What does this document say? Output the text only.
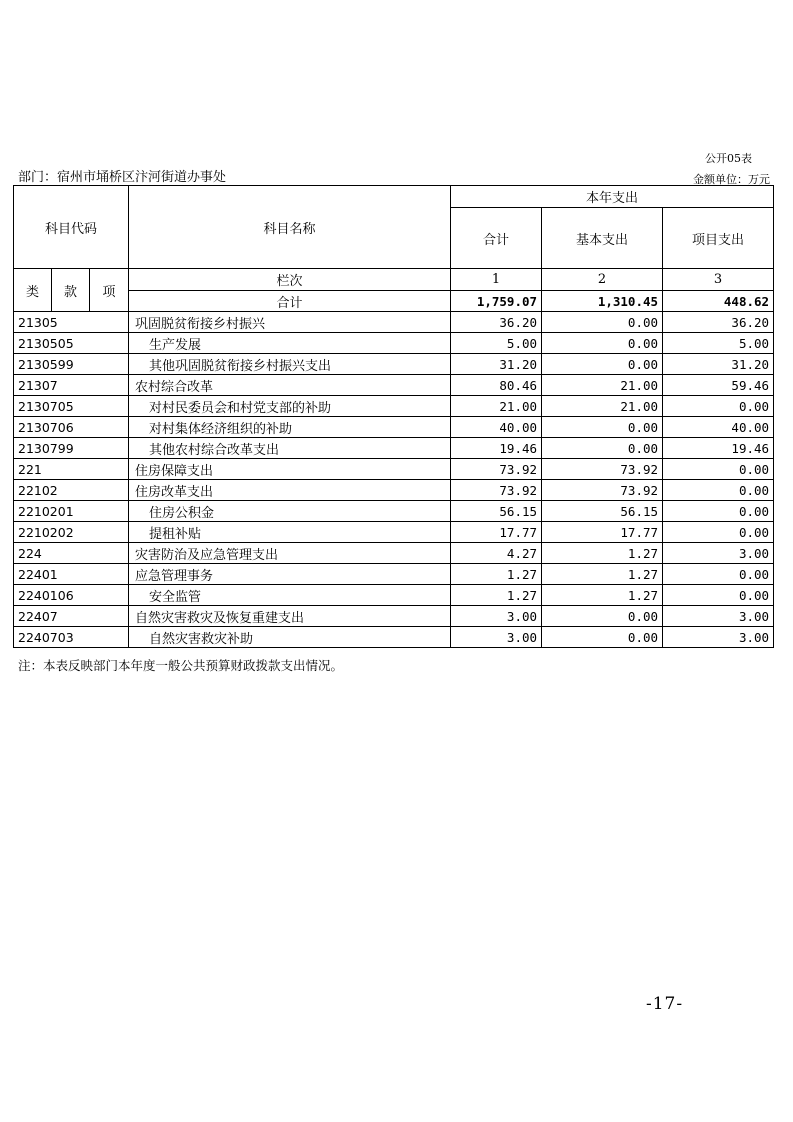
公开05表
部门：宿州市埇桥区汴河街道办事处	金额单位：万元
科目代码			科目名称	本年支出		
				合计	基本支出	项目支出
类	款	项	栏次	1	2	3
			合计	1,759.07	1,310.45	448.62
21305			巩固脱贫衔接乡村振兴	36.20	0.00	36.20
2130505			生产发展	5.00	0.00	5.00
2130599			其他巩固脱贫衔接乡村振兴支出	31.20	0.00	31.20
21307			农村综合改革	80.46	21.00	59.46
2130705			对村民委员会和村党支部的补助	21.00	21.00	0.00
2130706			对村集体经济组织的补助	40.00	0.00	40.00
2130799			其他农村综合改革支出	19.46	0.00	19.46
221			住房保障支出	73.92	73.92	0.00
22102			住房改革支出	73.92	73.92	0.00
2210201			住房公积金	56.15	56.15	0.00
2210202			提租补贴	17.77	17.77	0.00
224			灾害防治及应急管理支出	4.27	1.27	3.00
22401			应急管理事务	1.27	1.27	0.00
2240106			安全监管	1.27	1.27	0.00
22407			自然灾害救灾及恢复重建支出	3.00	0.00	3.00
2240703			自然灾害救灾补助	3.00	0.00	3.00
注：本表反映部门本年度一般公共预算财政拨款支出情况。
-17-
